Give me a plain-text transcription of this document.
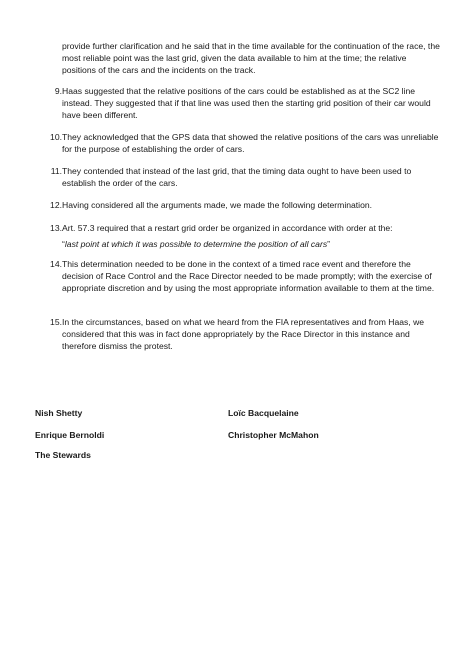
provide further clarification and he said that in the time available for the continuation of the race, the most reliable point was the last grid, given the data available to him at the time; the relative positions of the cars and the incidents on the track.
9. Haas suggested that the relative positions of the cars could be established as at the SC2 line instead. They suggested that if that line was used then the starting grid position of their car would have been different.
10. They acknowledged that the GPS data that showed the relative positions of the cars was unreliable for the purpose of establishing the order of cars.
11. They contended that instead of the last grid, that the timing data ought to have been used to establish the order of the cars.
12. Having considered all the arguments made, we made the following determination.
13. Art. 57.3 required that a restart grid order be organized in accordance with order at the:
“last point at which it was possible to determine the position of all cars”
14. This determination needed to be done in the context of a timed race event and therefore the decision of Race Control and the Race Director needed to be made promptly; with the exercise of appropriate discretion and by using the most appropriate information available to them at the time.
15. In the circumstances, based on what we heard from the FIA representatives and from Haas, we considered that this was in fact done appropriately by the Race Director in this instance and therefore dismiss the protest.
Nish Shetty	Loïc Bacquelaine
Enrique Bernoldi	Christopher McMahon
The Stewards
